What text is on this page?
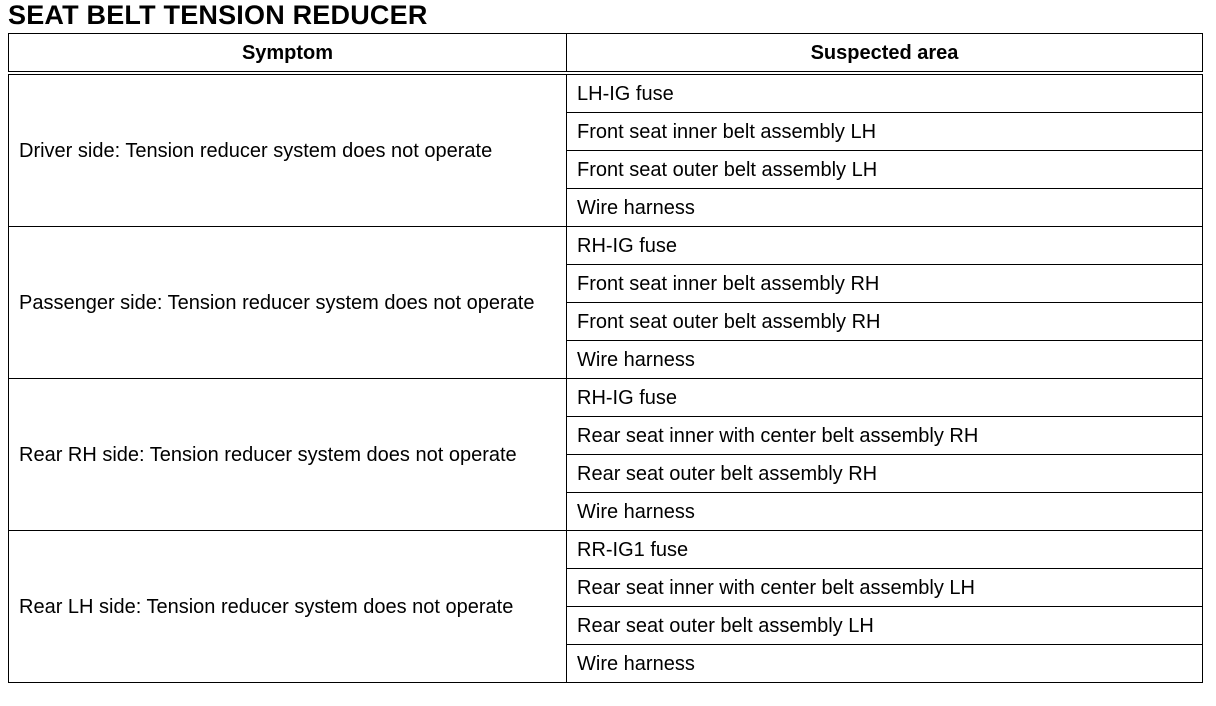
SEAT BELT TENSION REDUCER
Symptom	Suspected area
Driver side: Tension reducer system does not operate	LH-IG fuse
	Front seat inner belt assembly LH
	Front seat outer belt assembly LH
	Wire harness
Passenger side: Tension reducer system does not operate	RH-IG fuse
	Front seat inner belt assembly RH
	Front seat outer belt assembly RH
	Wire harness
Rear RH side: Tension reducer system does not operate	RH-IG fuse
	Rear seat inner with center belt assembly RH
	Rear seat outer belt assembly RH
	Wire harness
Rear LH side: Tension reducer system does not operate	RR-IG1 fuse
	Rear seat inner with center belt assembly LH
	Rear seat outer belt assembly LH
	Wire harness
